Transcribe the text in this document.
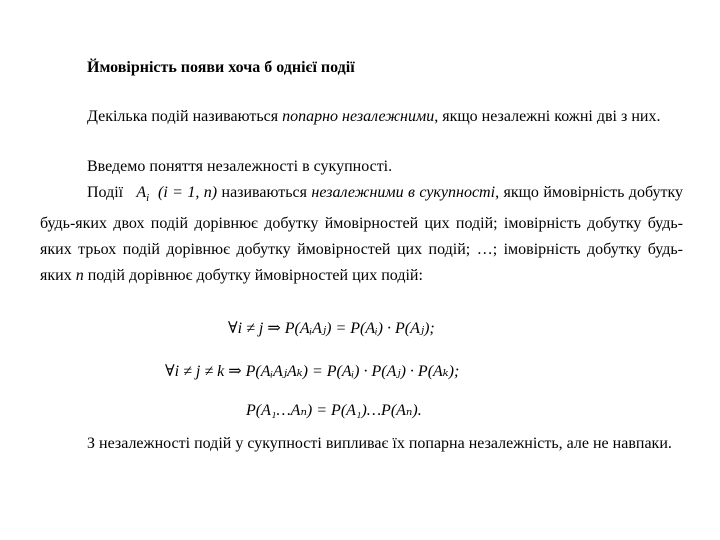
Ймовірність появи хоча б однієї події

Декілька подій називаються попарно незалежними, якщо незалежні кожні дві з них.

Введемо поняття незалежності в сукупності.

Події   $A_i$ (i = 1, n) називаються незалежними в сукупності, якщо ймовірність добутку будь-яких двох подій дорівнює добутку ймовірностей цих подій; імовірність добутку будь-яких трьох подій дорівнює добутку ймовірностей цих подій; …; імовірність добутку будь-яких n подій дорівнює добутку ймовірностей цих подій:

∀i ≠ j ⇒ P(AᵢAⱼ) = P(Aᵢ) · P(Aⱼ);
∀i ≠ j ≠ k ⇒ P(AᵢAⱼAₖ) = P(Aᵢ) · P(Aⱼ) · P(Aₖ);
P(A₁…Aₙ) = P(A₁)…P(Aₙ).

З незалежності подій у сукупності випливає їх попарна незалежність, але не навпаки.
